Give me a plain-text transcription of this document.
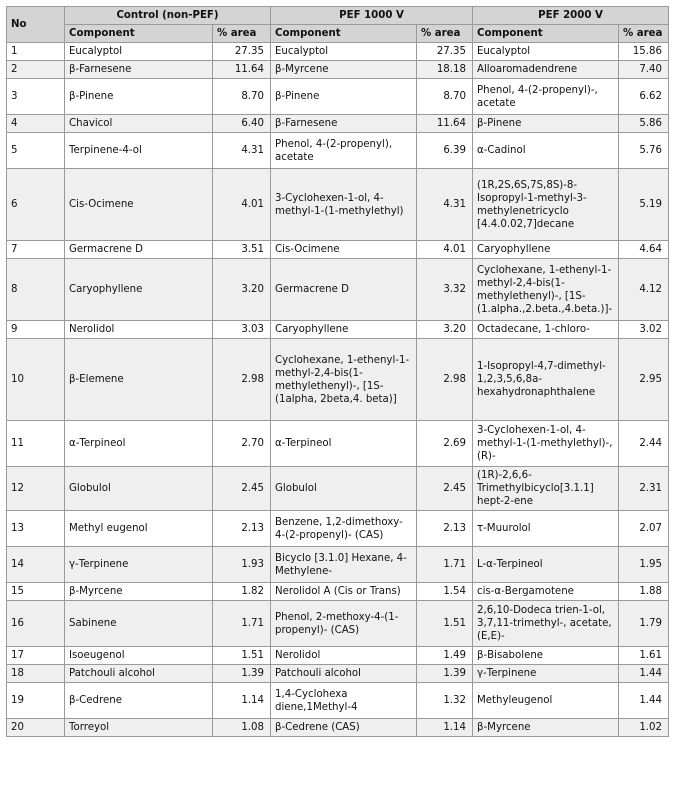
No	Control (non-PEF)		PEF 1000 V		PEF 2000 V	
	Component	% area	Component	% area	Component	% area
1	Eucalyptol	27.35	Eucalyptol	27.35	Eucalyptol	15.86
2	β-Farnesene	11.64	β-Myrcene	18.18	Alloaromadendrene	7.40
3	β-Pinene	8.70	β-Pinene	8.70	Phenol, 4-(2-propenyl)-, acetate	6.62
4	Chavicol	6.40	β-Farnesene	11.64	β-Pinene	5.86
5	Terpinene-4-ol	4.31	Phenol, 4-(2-propenyl), acetate	6.39	α-Cadinol	5.76
6	Cis-Ocimene	4.01	3-Cyclohexen-1-ol, 4-methyl-1-(1-methylethyl)	4.31	(1R,2S,6S,7S,8S)-8-Isopropyl-1-methyl-3-methylenetricyclo [4.4.0.02,7]decane	5.19
7	Germacrene D	3.51	Cis-Ocimene	4.01	Caryophyllene	4.64
8	Caryophyllene	3.20	Germacrene D	3.32	Cyclohexane, 1-ethenyl-1-methyl-2,4-bis(1-methylethenyl)-, [1S-(1.alpha.,2.beta.,4.beta.)]-	4.12
9	Nerolidol	3.03	Caryophyllene	3.20	Octadecane, 1-chloro-	3.02
10	β-Elemene	2.98	Cyclohexane, 1-ethenyl-1-methyl-2,4-bis(1-methylethenyl)-, [1S-(1alpha, 2beta,4. beta)]	2.98	1-Isopropyl-4,7-dimethyl-1,2,3,5,6,8a-hexahydronaphthalene	2.95
11	α-Terpineol	2.70	α-Terpineol	2.69	3-Cyclohexen-1-ol, 4-methyl-1-(1-methylethyl)-, (R)-	2.44
12	Globulol	2.45	Globulol	2.45	(1R)-2,6,6-Trimethylbicyclo[3.1.1] hept-2-ene	2.31
13	Methyl eugenol	2.13	Benzene, 1,2-dimethoxy-4-(2-propenyl)- (CAS)	2.13	τ-Muurolol	2.07
14	γ-Terpinene	1.93	Bicyclo [3.1.0] Hexane, 4-Methylene-	1.71	L-α-Terpineol	1.95
15	β-Myrcene	1.82	Nerolidol A (Cis or Trans)	1.54	cis-α-Bergamotene	1.88
16	Sabinene	1.71	Phenol, 2-methoxy-4-(1-propenyl)- (CAS)	1.51	2,6,10-Dodeca trien-1-ol, 3,7,11-trimethyl-, acetate, (E,E)-	1.79
17	Isoeugenol	1.51	Nerolidol	1.49	β-Bisabolene	1.61
18	Patchouli alcohol	1.39	Patchouli alcohol	1.39	γ-Terpinene	1.44
19	β-Cedrene	1.14	1,4-Cyclohexa diene,1Methyl-4	1.32	Methyleugenol	1.44
20	Torreyol	1.08	β-Cedrene (CAS)	1.14	β-Myrcene	1.02
